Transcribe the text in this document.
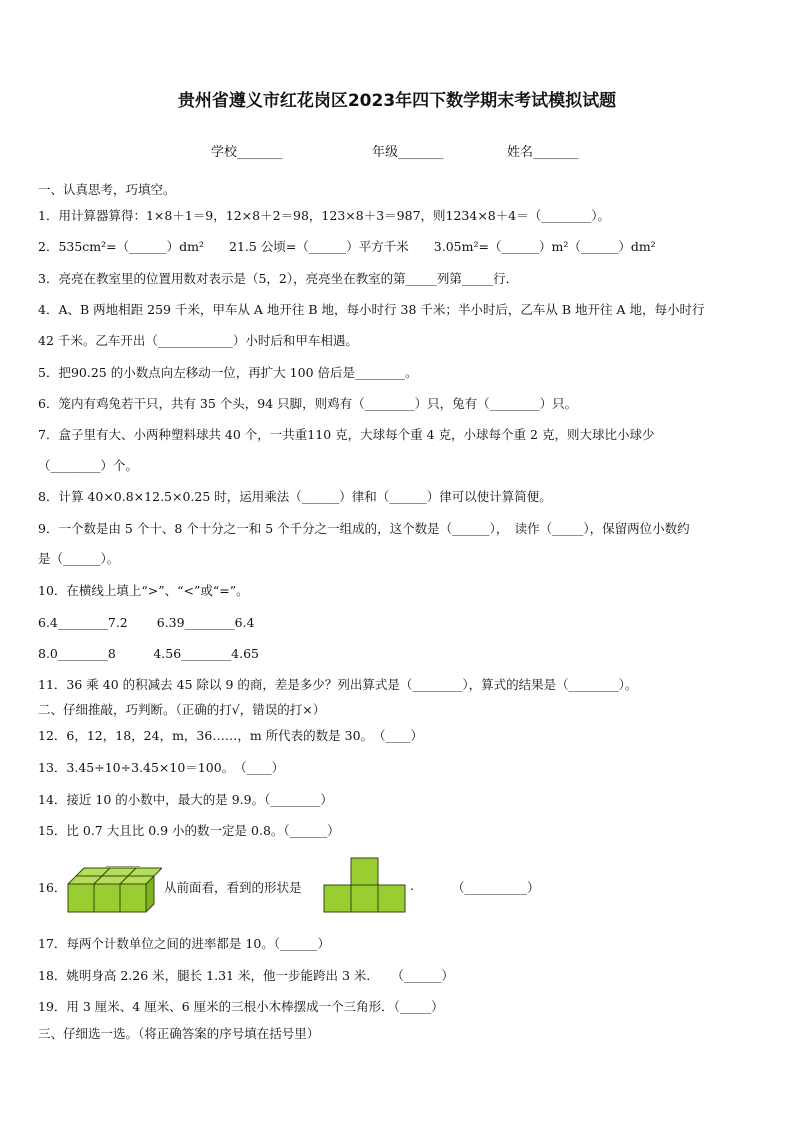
贵州省遵义市红花岗区2023年四下数学期末考试模拟试题
学校_______	年级_______	姓名_______
一、认真思考，巧填空。
1．用计算器算得：1×8＋1＝9，12×8＋2＝98，123×8＋3＝987，则1234×8＋4＝（________）。
2．535cm²=（______）dm²　　21.5 公顷=（______）平方千米　　3.05m²=（______）m²（______）dm²
3．亮亮在教室里的位置用数对表示是（5，2），亮亮坐在教室的第_____列第_____行．
4．A、B 两地相距 259 千米，甲车从 A 地开往 B 地，每小时行 38 千米；半小时后，乙车从 B 地开往 A 地，每小时行
42 千米。乙车开出（____________）小时后和甲车相遇。
5．把90.25 的小数点向左移动一位，再扩大 100 倍后是________。
6．笼内有鸡兔若干只，共有 35 个头，94 只脚，则鸡有（________）只，兔有（________）只。
7．盒子里有大、小两种塑料球共 40 个，一共重110 克，大球每个重 4 克，小球每个重 2 克，则大球比小球少
（________）个。
8．计算 40×0.8×12.5×0.25 时，运用乘法（______）律和（______）律可以使计算简便。
9．一个数是由 5 个十、8 个十分之一和 5 个千分之一组成的，这个数是（______），　读作（_____），保留两位小数约
是（______）。
10．在横线上填上“>”、“<”或“=”。
6.4________7.2　　 6.39________6.4
8.0________8　　　4.56________4.65
11．36 乘 40 的积减去 45 除以 9 的商，差是多少？列出算式是（________），算式的结果是（________）。
二、仔细推敲，巧判断。（正确的打√，错误的打×）
12．6，12，18，24，m，36……，m 所代表的数是 30。　（____）
13．3.45÷10÷3.45×10＝100。　（____）
14．接近 10 的小数中，最大的是 9.9。（________）
15．比 0.7 大且比 0.9 小的数一定是 0.8。（______）
16．	从前面看，看到的形状是	.	（__________）
17．每两个计数单位之间的进率都是 10。（______）
18．姚明身高 2.26 米，腿长 1.31 米，他一步能跨出 3 米．　　（______）
19．用 3 厘米、4 厘米、6 厘米的三根小木棒摆成一个三角形．（_____）
三、仔细选一选。（将正确答案的序号填在括号里）
